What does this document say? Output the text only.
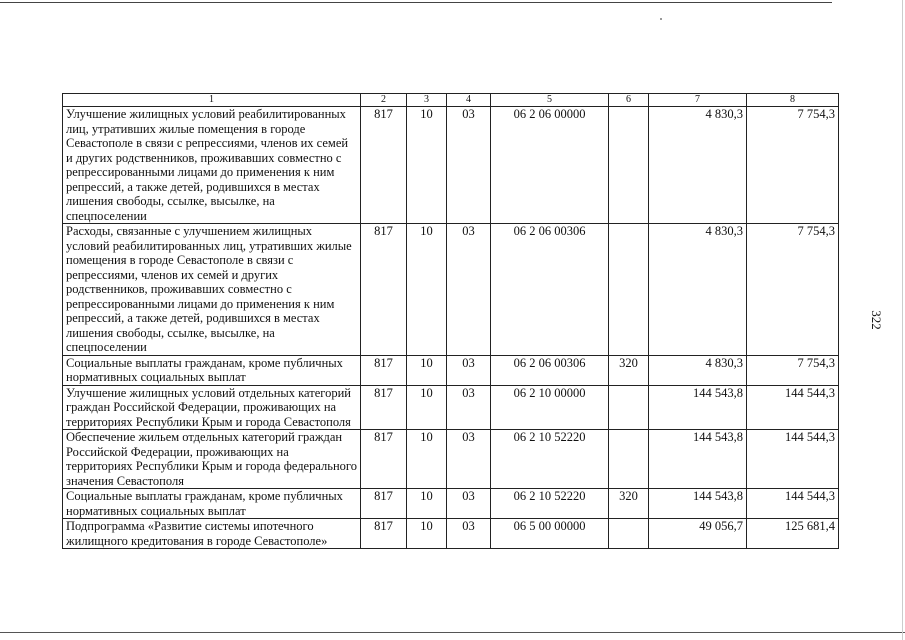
322
1	2	3	4	5	6	7	8
Улучшение жилищных условий реабилитированных лиц, утративших жилые помещения в городе Севастополе в связи с репрессиями, членов их семей и других родственников, проживавших совместно с репрессированными лицами до применения к ним репрессий, а также детей, родившихся в местах лишения свободы, ссылке, высылке, на спецпоселении	817	10	03	06 2 06 00000		4 830,3	7 754,3
Расходы, связанные с улучшением жилищных условий реабилитированных лиц, утративших жилые помещения в городе Севастополе в связи с репрессиями, членов их семей и других родственников, проживавших совместно с репрессированными лицами до применения к ним репрессий, а также детей, родившихся в местах лишения свободы, ссылке, высылке, на спецпоселении	817	10	03	06 2 06 00306		4 830,3	7 754,3
Социальные выплаты гражданам, кроме публичных нормативных социальных выплат	817	10	03	06 2 06 00306	320	4 830,3	7 754,3
Улучшение жилищных условий отдельных категорий граждан Российской Федерации, проживающих на территориях Республики Крым и города Севастополя	817	10	03	06 2 10 00000		144 543,8	144 544,3
Обеспечение жильем отдельных категорий граждан Российской Федерации, проживающих на территориях Республики Крым и города федерального значения Севастополя	817	10	03	06 2 10 52220		144 543,8	144 544,3
Социальные выплаты гражданам, кроме публичных нормативных социальных выплат	817	10	03	06 2 10 52220	320	144 543,8	144 544,3
Подпрограмма «Развитие системы ипотечного жилищного кредитования в городе Севастополе»	817	10	03	06 5 00 00000		49 056,7	125 681,4
